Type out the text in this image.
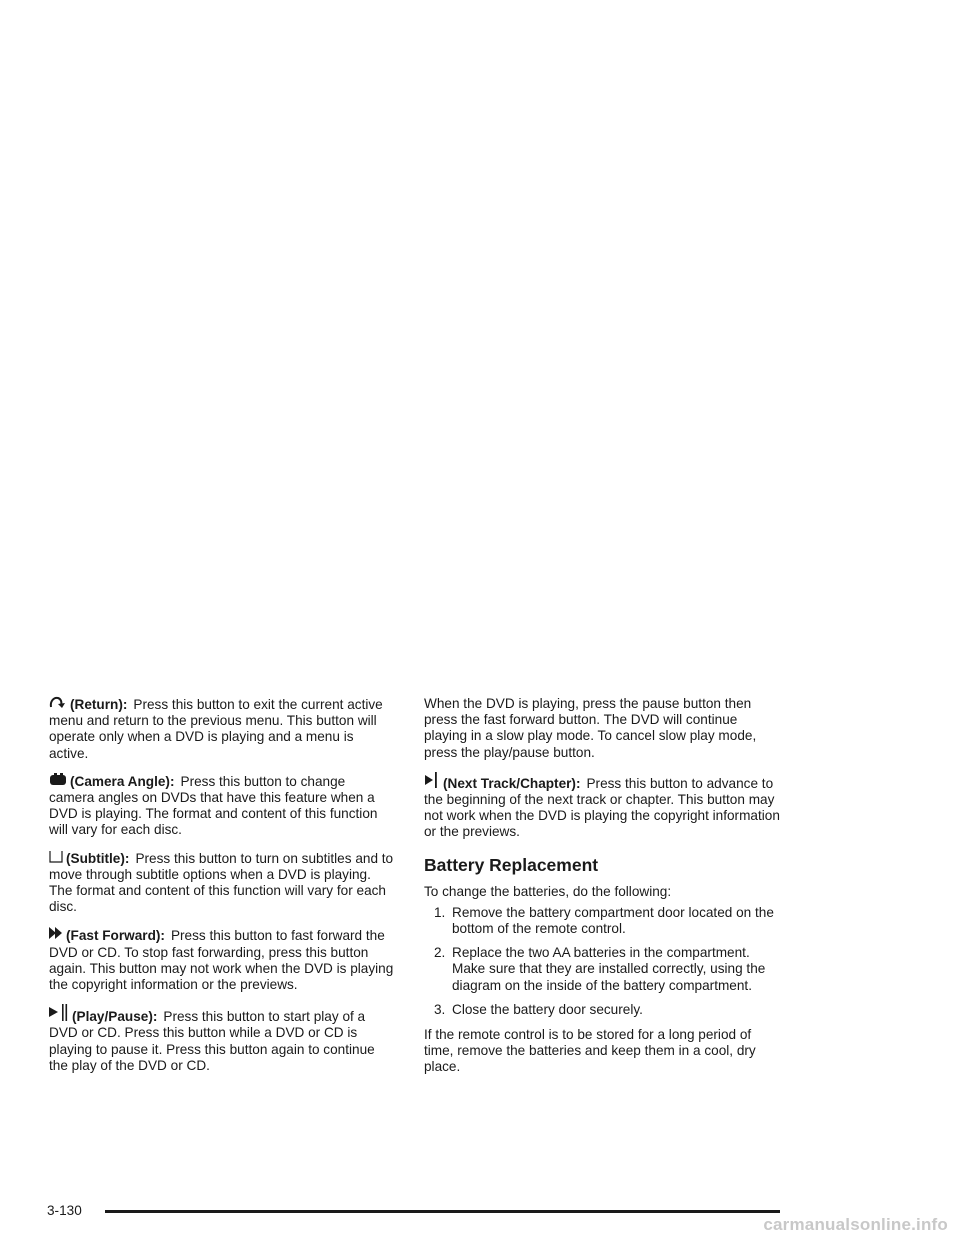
(Return): Press this button to exit the current active menu and return to the previous menu. This button will operate only when a DVD is playing and a menu is active.

(Camera Angle): Press this button to change camera angles on DVDs that have this feature when a DVD is playing. The format and content of this function will vary for each disc.

(Subtitle): Press this button to turn on subtitles and to move through subtitle options when a DVD is playing. The format and content of this function will vary for each disc.

(Fast Forward): Press this button to fast forward the DVD or CD. To stop fast forwarding, press this button again. This button may not work when the DVD is playing the copyright information or the previews.

(Play/Pause): Press this button to start play of a DVD or CD. Press this button while a DVD or CD is playing to pause it. Press this button again to continue the play of the DVD or CD.

When the DVD is playing, press the pause button then press the fast forward button. The DVD will continue playing in a slow play mode. To cancel slow play mode, press the play/pause button.

(Next Track/Chapter): Press this button to advance to the beginning of the next track or chapter. This button may not work when the DVD is playing the copyright information or the previews.

Battery Replacement

To change the batteries, do the following:

1. Remove the battery compartment door located on the bottom of the remote control.
2. Replace the two AA batteries in the compartment. Make sure that they are installed correctly, using the diagram on the inside of the battery compartment.
3. Close the battery door securely.

If the remote control is to be stored for a long period of time, remove the batteries and keep them in a cool, dry place.

3-130
carmanualsonline.info
